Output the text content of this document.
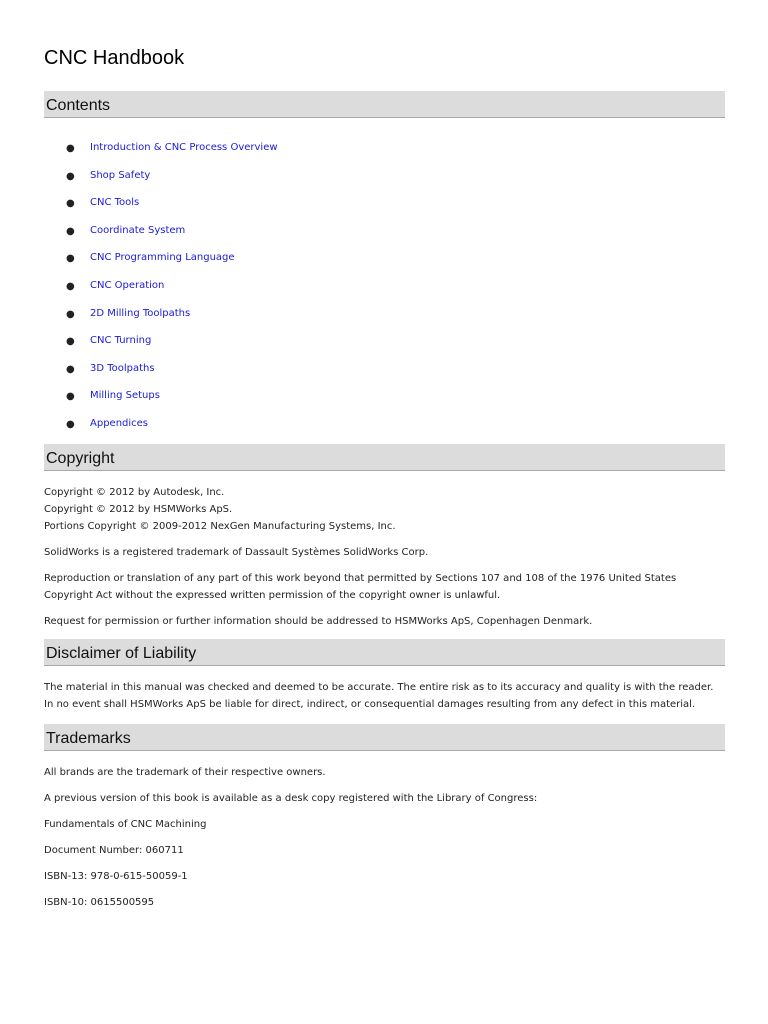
CNC Handbook
Contents
● Introduction & CNC Process Overview
● Shop Safety
● CNC Tools
● Coordinate System
● CNC Programming Language
● CNC Operation
● 2D Milling Toolpaths
● CNC Turning
● 3D Toolpaths
● Milling Setups
● Appendices
Copyright

Copyright © 2012 by Autodesk, Inc.

Copyright © 2012 by HSMWorks ApS.

Portions Copyright © 2009-2012 NexGen Manufacturing Systems, Inc.

SolidWorks is a registered trademark of Dassault Systèmes SolidWorks Corp.

Reproduction or translation of any part of this work beyond that permitted by Sections 107 and 108 of the 1976 United States

Copyright Act without the expressed written permission of the copyright owner is unlawful.

Request for permission or further information should be addressed to HSMWorks ApS, Copenhagen Denmark.

Disclaimer of Liability

The material in this manual was checked and deemed to be accurate. The entire risk as to its accuracy and quality is with the reader.

In no event shall HSMWorks ApS be liable for direct, indirect, or consequential damages resulting from any defect in this material.

Trademarks

All brands are the trademark of their respective owners.

A previous version of this book is available as a desk copy registered with the Library of Congress:

Fundamentals of CNC Machining

Document Number: 060711

ISBN-13: 978-0-615-50059-1

ISBN-10: 0615500595
